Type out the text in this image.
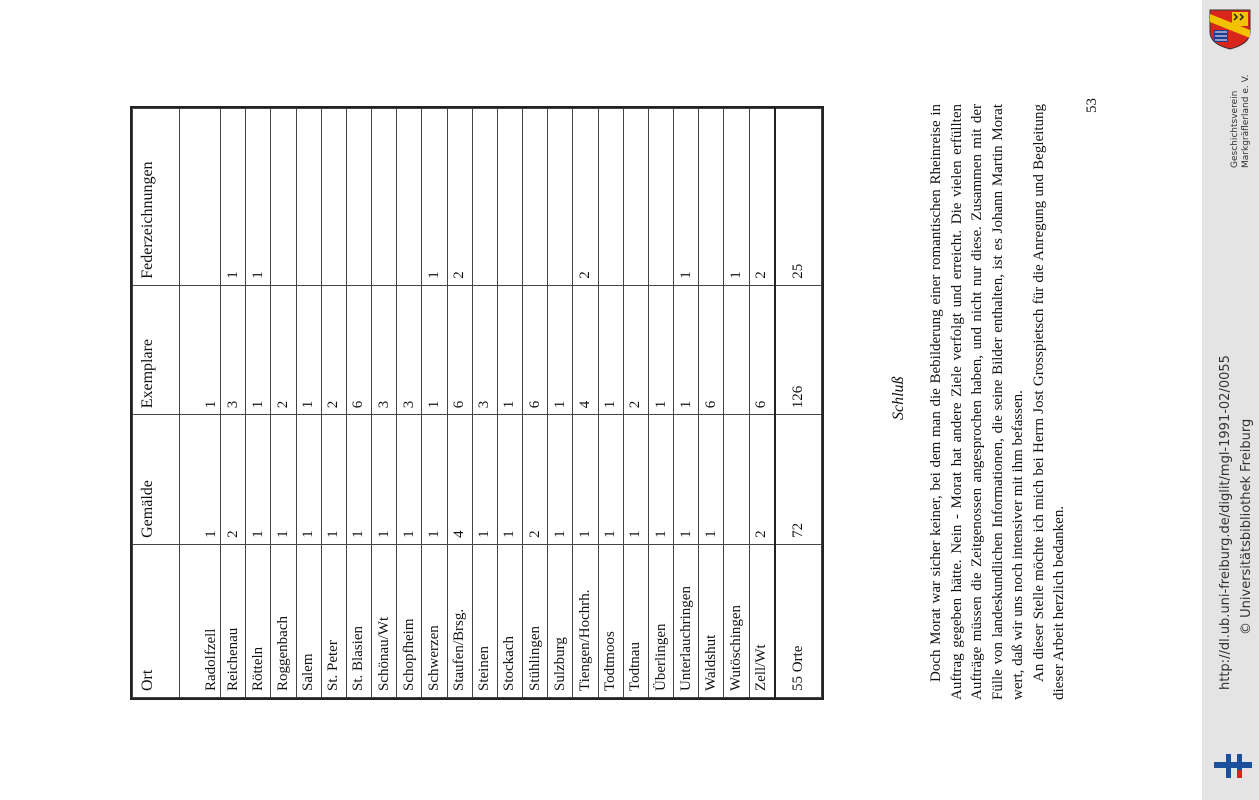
Ort	Gemälde	Exemplare	Federzeichnungen
Radolfzell	1	1	
Reichenau	2	3	1
Rötteln	1	1	1
Roggenbach	1	2	
Salem	1	1	
St. Peter	1	2	
St. Blasien	1	6	
Schönau/Wt	1	3	
Schopfheim	1	3	
Schwerzen	1	1	1
Staufen/Brsg.	4	6	2
Steinen	1	3	
Stockach	1	1	
Stühlingen	2	6	
Sulzburg	1	1	
Tiengen/Hochrh.	1	4	2
Todtmoos	1	1	
Todtnau	1	2	
Überlingen	1	1	
Unterlauchringen	1	1	1
Waldshut	1	6	
Wutöschingen			1
Zell/Wt	2	6	2
55 Orte	72	126	25
Schluß Doch Morat war sicher keiner, bei dem man die Bebilderung einer romantischen Rheinreise in Auftrag gegeben hätte. Nein - Morat hat andere Ziele verfolgt und erreicht. Die vielen erfüllten Aufträge müssen die Zeitgenossen angesprochen haben, und nicht nur diese. Zusammen mit der Fülle von landeskundlichen Informationen, die seine Bilder enthalten, ist es Johann Martin Morat wert, daß wir uns noch intensiver mit ihm befassen. An dieser Stelle möchte ich mich bei Herrn Jost Grosspietsch für die Anregung und Begleitung dieser Arbeit herzlich bedanken.

53
http://dl.ub.uni-freiburg.de/diglit/mgl-1991-02/0055 © Universitätsbibliothek Freiburg
Geschichtsverein Markgräflerland e. V.
